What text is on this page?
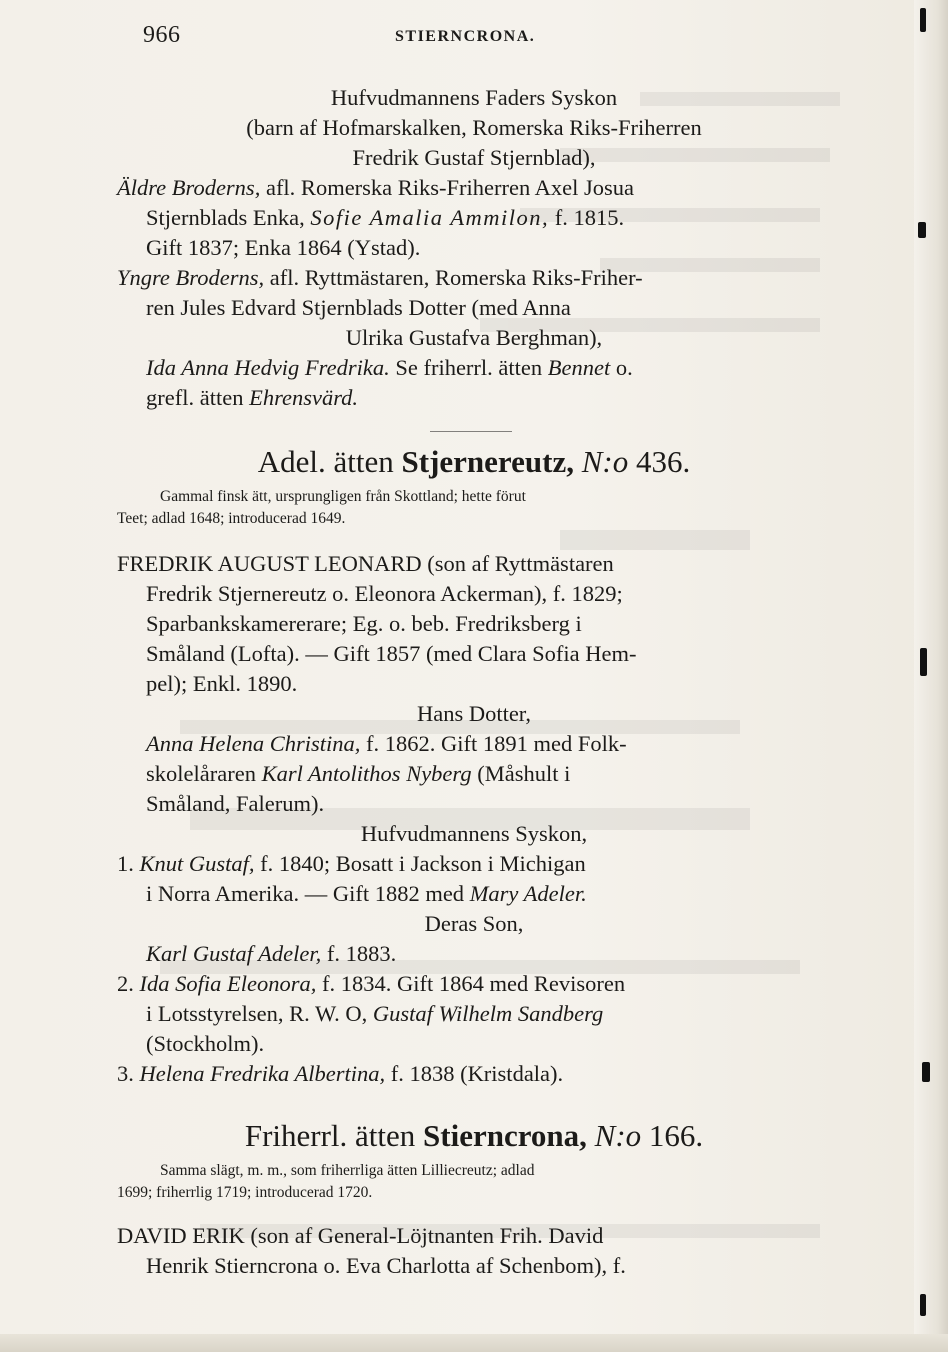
966	STIERNCRONA.
Hufvudmannens Faders Syskon
(barn af Hofmarskalken, Romerska Riks-Friherren
Fredrik Gustaf Stjernblad),
Äldre Broderns, afl. Romerska Riks-Friherren Axel Josua
Stjernblads Enka, Sofie Amalia Ammilon, f. 1815.
Gift 1837; Enka 1864 (Ystad).
Yngre Broderns, afl. Ryttmästaren, Romerska Riks-Friher-
ren Jules Edvard Stjernblads Dotter (med Anna
Ulrika Gustafva Berghman),
Ida Anna Hedvig Fredrika. Se friherrl. ätten Bennet o.
grefl. ätten Ehrensvärd.
Adel. ätten Stjernereutz, N:o 436.
Gammal finsk ätt, ursprungligen från Skottland; hette förut
Teet; adlad 1648; introducerad 1649.
FREDRIK AUGUST LEONARD (son af Ryttmästaren
Fredrik Stjernereutz o. Eleonora Ackerman), f. 1829;
Sparbankskamererare; Eg. o. beb. Fredriksberg i
Småland (Lofta). — Gift 1857 (med Clara Sofia Hem-
pel); Enkl. 1890.
Hans Dotter,
Anna Helena Christina, f. 1862. Gift 1891 med Folk-
skolelåraren Karl Antolithos Nyberg (Måshult i
Småland, Falerum).
Hufvudmannens Syskon,
1. Knut Gustaf, f. 1840; Bosatt i Jackson i Michigan
i Norra Amerika. — Gift 1882 med Mary Adeler.
Deras Son,
Karl Gustaf Adeler, f. 1883.
2. Ida Sofia Eleonora, f. 1834. Gift 1864 med Revisoren
i Lotsstyrelsen, R. W. O, Gustaf Wilhelm Sandberg
(Stockholm).
3. Helena Fredrika Albertina, f. 1838 (Kristdala).
Friherrl. ätten Stierncrona, N:o 166.
Samma slägt, m. m., som friherrliga ätten Lilliecreutz; adlad
1699; friherrlig 1719; introducerad 1720.
DAVID ERIK (son af General-Löjtnanten Frih. David
Henrik Stierncrona o. Eva Charlotta af Schenbom), f.
